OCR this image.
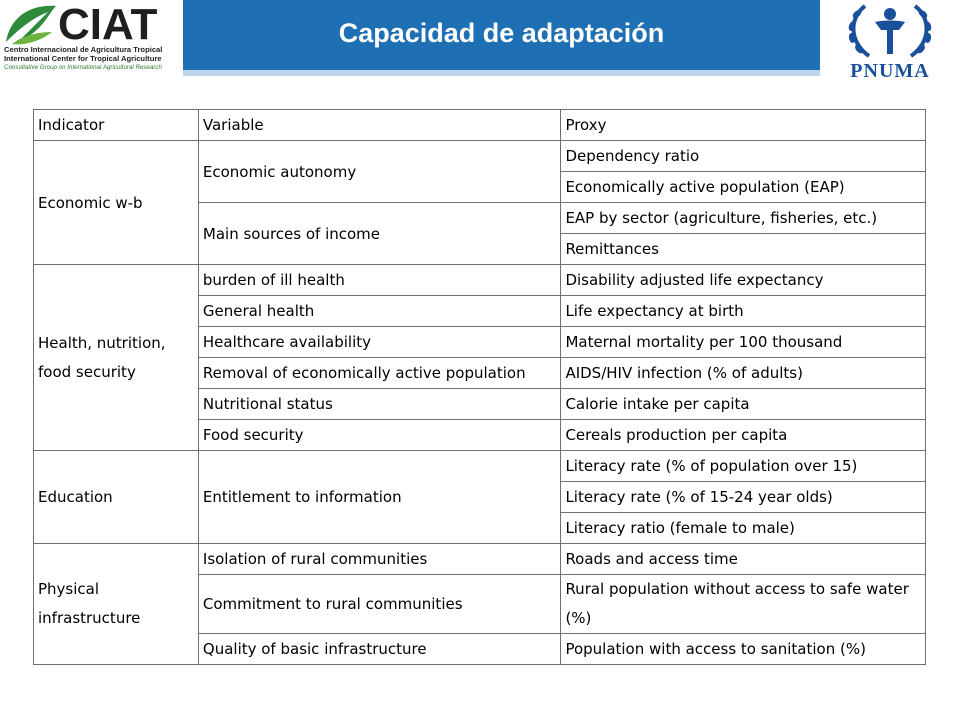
CIAT
Centro Internacional de Agricultura Tropical
International Center for Tropical Agriculture
Consultative Group on International Agricultural Research
Capacidad de adaptación
PNUMA
Indicator	Variable	Proxy
Economic w-b	Economic autonomy	Dependency ratio
		Economically active population (EAP)
	Main sources of income	EAP by sector (agriculture, fisheries, etc.)
		Remittances
Health, nutrition, food security	burden of ill health	Disability adjusted life expectancy
	General health	Life expectancy at birth
	Healthcare availability	Maternal mortality per 100 thousand
	Removal of economically active population	AIDS/HIV infection (% of adults)
	Nutritional status	Calorie intake per capita
	Food security	Cereals production per capita
Education	Entitlement to information	Literacy rate (% of population over 15)
		Literacy rate (% of 15-24 year olds)
		Literacy ratio (female to male)
Physical infrastructure	Isolation of rural communities	Roads and access time
	Commitment to rural communities	Rural population without access to safe water (%)
	Quality of basic infrastructure	Population with access to sanitation (%)
